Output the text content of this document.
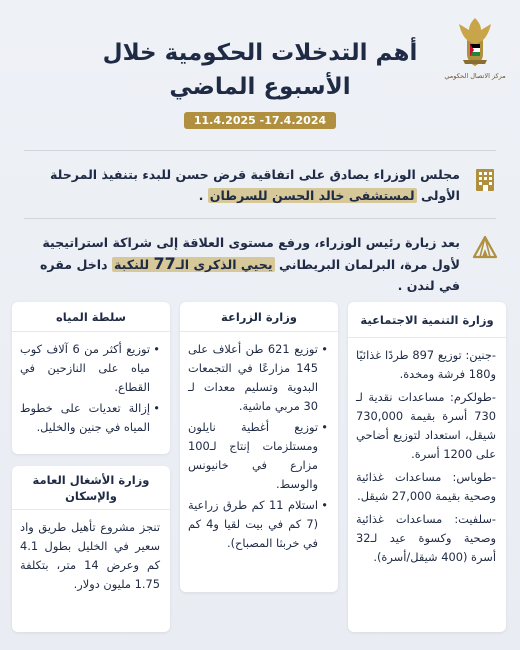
مركز الاتصال الحكومي
أهم التدخلات الحكومية خلال
الأسبوع الماضي
11.4.2025 -17.4.2024
مجلس الوزراء يصادق على اتفاقية قرض حسن للبدء بتنفيذ المرحلة الأولى لمستشفى خالد الحسن للسرطان .
بعد زيارة رئيس الوزراء، ورفع مستوى العلاقة إلى شراكة استراتيجية لأول مرة، البرلمان البريطاني يحيي الذكرى الـ77 للنكبة داخل مقره في لندن .
وزارة التنمية الاجتماعية

-جنين: توزيع 897 طردًا غذائيًا و180 فرشة ومخدة.

-طولكرم: مساعدات نقدية لـ 730 أسرة بقيمة 730,000 شيقل، استعداد لتوزيع أضاحي على 1200 أسرة.

-طوباس: مساعدات غذائية وصحية بقيمة 27,000 شيقل.

-سلفيت: مساعدات غذائية وصحية وكسوة عيد لـ32 أسرة (400 شيقل/أسرة).

وزارة الزراعة
• توزيع 621 طن أعلاف على 145 مزارعًا في التجمعات البدوية وتسليم معدات لـ 30 مربي ماشية.
• توزيع أغطية نايلون ومستلزمات إنتاج لـ100 مزارع في خانيونس والوسط.
• استلام 11 كم طرق زراعية (7 كم في بيت لقيا و4 كم في خربثا المصباح).
سلطة المياه
• توزيع أكثر من 6 آلاف كوب مياه على النازحين في القطاع.
• إزالة تعديات على خطوط المياه في جنين والخليل.
وزارة الأشغال العامة
والإسكان

تنجز مشروع تأهيل طريق واد سعير في الخليل بطول 4.1 كم وعرض 14 متر، بتكلفة 1.75 مليون دولار.
